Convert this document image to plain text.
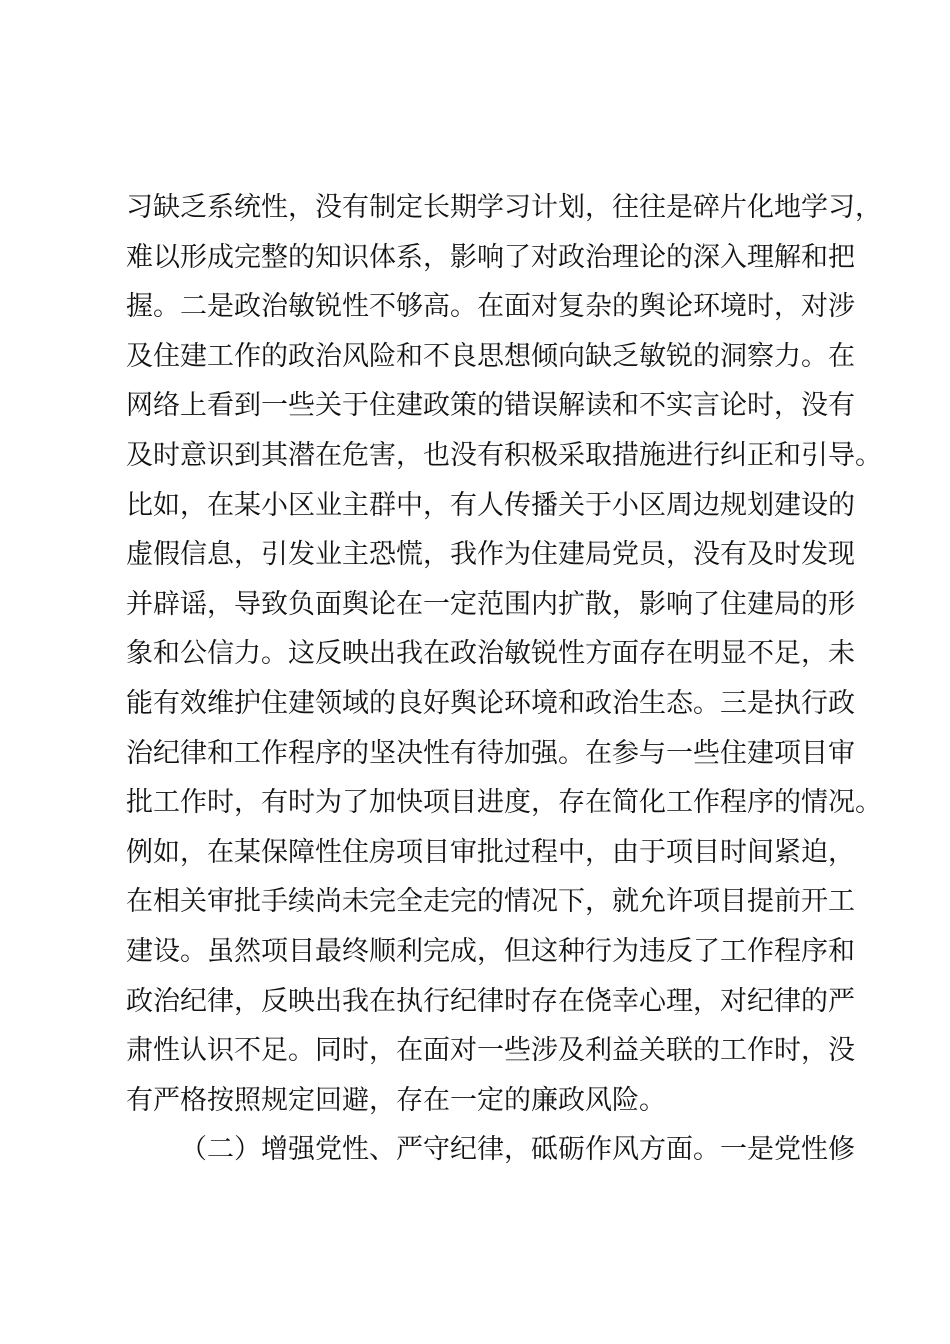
习缺乏系统性，没有制定长期学习计划，往往是碎片化地学习，
难以形成完整的知识体系，影响了对政治理论的深入理解和把
握。二是政治敏锐性不够高。在面对复杂的舆论环境时，对涉
及住建工作的政治风险和不良思想倾向缺乏敏锐的洞察力。在
网络上看到一些关于住建政策的错误解读和不实言论时，没有
及时意识到其潜在危害，也没有积极采取措施进行纠正和引导。
比如，在某小区业主群中，有人传播关于小区周边规划建设的
虚假信息，引发业主恐慌，我作为住建局党员，没有及时发现
并辟谣，导致负面舆论在一定范围内扩散，影响了住建局的形
象和公信力。这反映出我在政治敏锐性方面存在明显不足，未
能有效维护住建领域的良好舆论环境和政治生态。三是执行政
治纪律和工作程序的坚决性有待加强。在参与一些住建项目审
批工作时，有时为了加快项目进度，存在简化工作程序的情况。
例如，在某保障性住房项目审批过程中，由于项目时间紧迫，
在相关审批手续尚未完全走完的情况下，就允许项目提前开工
建设。虽然项目最终顺利完成，但这种行为违反了工作程序和
政治纪律，反映出我在执行纪律时存在侥幸心理，对纪律的严
肃性认识不足。同时，在面对一些涉及利益关联的工作时，没
有严格按照规定回避，存在一定的廉政风险。
（二）增强党性、严守纪律，砥砺作风方面。一是党性修
